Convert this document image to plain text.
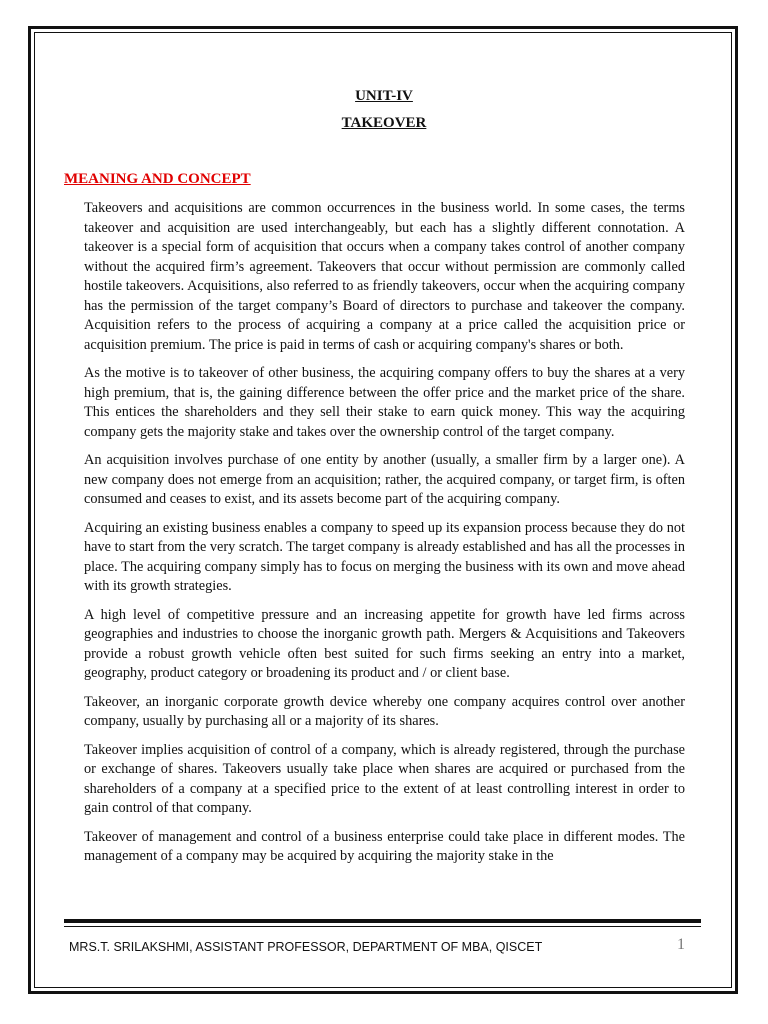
UNIT-IV
TAKEOVER
MEANING AND CONCEPT

Takeovers and acquisitions are common occurrences in the business world. In some cases, the terms takeover and acquisition are used interchangeably, but each has a slightly different connotation. A takeover is a special form of acquisition that occurs when a company takes control of another company without the acquired firm’s agreement. Takeovers that occur without permission are commonly called hostile takeovers. Acquisitions, also referred to as friendly takeovers, occur when the acquiring company has the permission of the target company’s Board of directors to purchase and takeover the company. Acquisition refers to the process of acquiring a company at a price called the acquisition price or acquisition premium. The price is paid in terms of cash or acquiring company's shares or both.

As the motive is to takeover of other business, the acquiring company offers to buy the shares at a very high premium, that is, the gaining difference between the offer price and the market price of the share. This entices the shareholders and they sell their stake to earn quick money. This way the acquiring company gets the majority stake and takes over the ownership control of the target company.

An acquisition involves purchase of one entity by another (usually, a smaller firm by a larger one). A new company does not emerge from an acquisition; rather, the acquired company, or target firm, is often consumed and ceases to exist, and its assets become part of the acquiring company.

Acquiring an existing business enables a company to speed up its expansion process because they do not have to start from the very scratch. The target company is already established and has all the processes in place. The acquiring company simply has to focus on merging the business with its own and move ahead with its growth strategies.

A high level of competitive pressure and an increasing appetite for growth have led firms across geographies and industries to choose the inorganic growth path. Mergers & Acquisitions and Takeovers provide a robust growth vehicle often best suited for such firms seeking an entry into a market, geography, product category or broadening its product and / or client base.

Takeover, an inorganic corporate growth device whereby one company acquires control over another company, usually by purchasing all or a majority of its shares.

Takeover implies acquisition of control of a company, which is already registered, through the purchase or exchange of shares. Takeovers usually take place when shares are acquired or purchased from the shareholders of a company at a specified price to the extent of at least controlling interest in order to gain control of that company.

Takeover of management and control of a business enterprise could take place in different modes. The management of a company may be acquired by acquiring the majority stake in the

MRS.T. SRILAKSHMI, ASSISTANT PROFESSOR, DEPARTMENT OF MBA, QISCET	1
